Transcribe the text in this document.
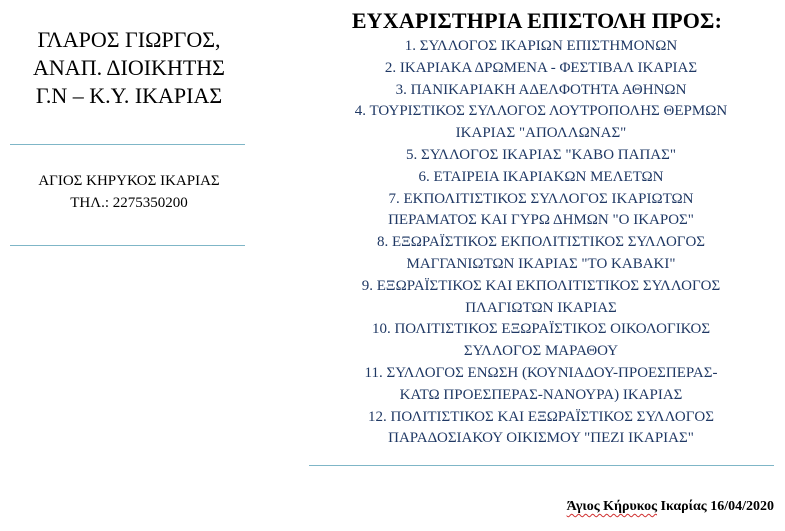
ΓΛΑΡΟΣ ΓΙΩΡΓΟΣ,
ΑΝΑΠ. ΔΙΟΙΚΗΤΗΣ
Γ.Ν – Κ.Υ. ΙΚΑΡΙΑΣ
ΑΓΙΟΣ ΚΗΡΥΚΟΣ ΙΚΑΡΙΑΣ
ΤΗΛ.: 2275350200
ΕΥΧΑΡΙΣΤΗΡΙΑ ΕΠΙΣΤΟΛΗ ΠΡΟΣ:
1. ΣΥΛΛΟΓΟΣ ΙΚΑΡΙΩΝ ΕΠΙΣΤΗΜΟΝΩΝ
2. ΙΚΑΡΙΑΚΑ ΔΡΩΜΕΝΑ - ΦΕΣΤΙΒΑΛ ΙΚΑΡΙΑΣ
3. ΠΑΝΙΚΑΡΙΑΚΗ ΑΔΕΛΦΟΤΗΤΑ ΑΘΗΝΩΝ
4. ΤΟΥΡΙΣΤΙΚΟΣ ΣΥΛΛΟΓΟΣ ΛΟΥΤΡΟΠΟΛΗΣ ΘΕΡΜΩΝ
ΙΚΑΡΙΑΣ "ΑΠΟΛΛΩΝΑΣ"
5. ΣΥΛΛΟΓΟΣ ΙΚΑΡΙΑΣ "ΚΑΒΟ ΠΑΠΑΣ"
6. ΕΤΑΙΡΕΙΑ ΙΚΑΡΙΑΚΩΝ ΜΕΛΕΤΩΝ
7. ΕΚΠΟΛΙΤΙΣΤΙΚΟΣ ΣΥΛΛΟΓΟΣ ΙΚΑΡΙΩΤΩΝ
ΠΕΡΑΜΑΤΟΣ ΚΑΙ ΓΥΡΩ ΔΗΜΩΝ "Ο ΙΚΑΡΟΣ"
8. ΕΞΩΡΑΪΣΤΙΚΟΣ ΕΚΠΟΛΙΤΙΣΤΙΚΟΣ ΣΥΛΛΟΓΟΣ
ΜΑΓΓΑΝΙΩΤΩΝ ΙΚΑΡΙΑΣ "ΤΟ ΚΑΒΑΚΙ"
9. ΕΞΩΡΑΪΣΤΙΚΟΣ ΚΑΙ ΕΚΠΟΛΙΤΙΣΤΙΚΟΣ ΣΥΛΛΟΓΟΣ
ΠΛΑΓΙΩΤΩΝ ΙΚΑΡΙΑΣ
10. ΠΟΛΙΤΙΣΤΙΚΟΣ ΕΞΩΡΑΪΣΤΙΚΟΣ ΟΙΚΟΛΟΓΙΚΟΣ
ΣΥΛΛΟΓΟΣ ΜΑΡΑΘΟΥ
11. ΣΥΛΛΟΓΟΣ ΕΝΩΣΗ (ΚΟΥΝΙΑΔΟΥ-ΠΡΟΕΣΠΕΡΑΣ-
ΚΑΤΩ ΠΡΟΕΣΠΕΡΑΣ-ΝΑΝΟΥΡΑ) ΙΚΑΡΙΑΣ
12. ΠΟΛΙΤΙΣΤΙΚΟΣ ΚΑΙ ΕΞΩΡΑΪΣΤΙΚΟΣ ΣΥΛΛΟΓΟΣ
ΠΑΡΑΔΟΣΙΑΚΟΥ ΟΙΚΙΣΜΟΥ "ΠΕΖΙ ΙΚΑΡΙΑΣ"
Άγιος Κήρυκος Ικαρίας 16/04/2020
